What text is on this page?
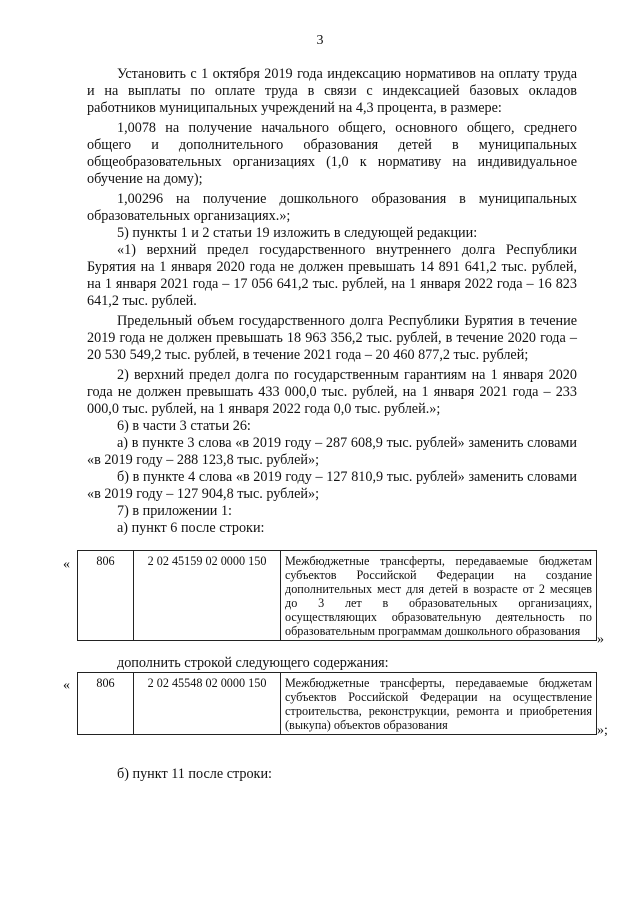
3

Установить с 1 октября 2019 года индексацию нормативов на оплату труда и на выплаты по оплате труда в связи с индексацией базовых окладов работников муниципальных учреждений на 4,3 процента, в размере:

1,0078 на получение начального общего, основного общего, среднего общего и дополнительного образования детей в муниципальных общеобразовательных организациях (1,0 к нормативу на индивидуальное обучение на дому);

1,00296 на получение дошкольного образования в муниципальных образовательных организациях.»;

5) пункты 1 и 2 статьи 19 изложить в следующей редакции:

«1) верхний предел государственного внутреннего долга Республики Бурятия на 1 января 2020 года не должен превышать 14 891 641,2 тыс. рублей, на 1 января 2021 года – 17 056 641,2 тыс. рублей, на 1 января 2022 года – 16 823 641,2 тыс. рублей.

Предельный объем государственного долга Республики Бурятия в течение 2019 года не должен превышать 18 963 356,2 тыс. рублей, в течение 2020 года – 20 530 549,2 тыс. рублей, в течение 2021 года – 20 460 877,2 тыс. рублей;

2) верхний предел долга по государственным гарантиям на 1 января 2020 года не должен превышать 433 000,0 тыс. рублей, на 1 января 2021 года – 233 000,0 тыс. рублей, на 1 января 2022 года 0,0 тыс. рублей.»;

6) в части 3 статьи 26:

а) в пункте 3 слова «в 2019 году – 287 608,9 тыс. рублей» заменить словами «в 2019 году – 288 123,8 тыс. рублей»;

б) в пункте 4 слова «в 2019 году – 127 810,9 тыс. рублей» заменить словами «в 2019 году – 127 904,8 тыс. рублей»;

7) в приложении 1:

а) пункт 6 после строки:

«	806	2 02 45159 02 0000 150	Межбюджетные трансферты, передаваемые бюджетам субъектов Российской Федерации на создание дополнительных мест для детей в возрасте от 2 месяцев до 3 лет в образовательных организациях, осуществляющих образовательную деятельность по образовательным программам дошкольного образования
»
дополнить строкой следующего содержания:
«	806	2 02 45548 02 0000 150	Межбюджетные трансферты, передаваемые бюджетам субъектов Российской Федерации на осуществление строительства, реконструкции, ремонта и приобретения (выкупа) объектов образования	»;
б) пункт 11 после строки:
